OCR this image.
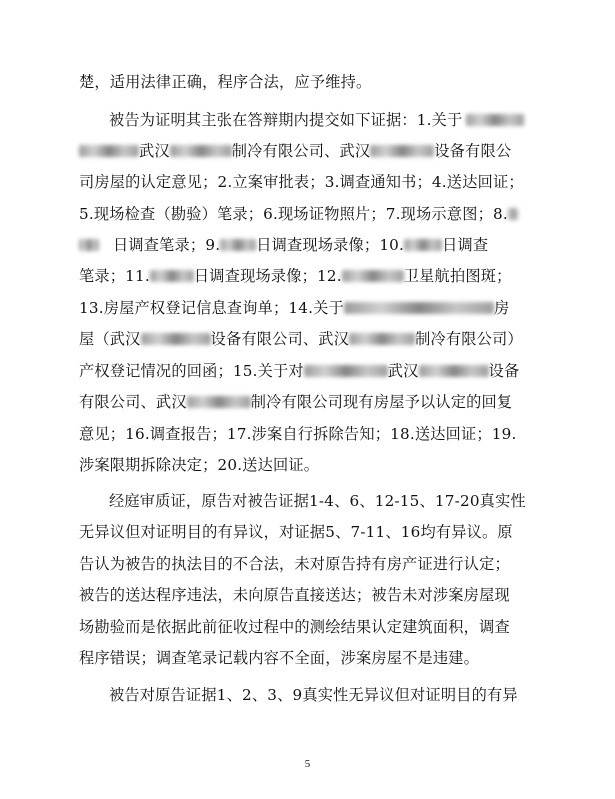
楚，适用法律正确，程序合法，应予维持。
被告为证明其主张在答辩期内提交如下证据：1.关于
武汉	制冷有限公司、武汉	设备有限公
司房屋的认定意见；2.立案审批表；3.调查通知书；4.送达回证；
5.现场检查（勘验）笔录；6.现场证物照片；7.现场示意图；8.
日调查笔录；9. 日调查现场录像；10.	日调查
笔录；11.	日调查现场录像；12.	卫星航拍图斑；
13.房屋产权登记信息查询单；14.关于	房
屋（武汉	设备有限公司、武汉	制冷有限公司）
产权登记情况的回函；15.关于对	武汉	设备
有限公司、武汉	制冷有限公司现有房屋予以认定的回复
意见；16.调查报告；17.涉案自行拆除告知；18.送达回证；19.
涉案限期拆除决定；20.送达回证。
经庭审质证，原告对被告证据1-4、6、12-15、17-20真实性
无异议但对证明目的有异议，对证据5、7-11、16均有异议。原
告认为被告的执法目的不合法，未对原告持有房产证进行认定；
被告的送达程序违法，未向原告直接送达；被告未对涉案房屋现
场勘验而是依据此前征收过程中的测绘结果认定建筑面积，调查
程序错误；调查笔录记载内容不全面，涉案房屋不是违建。
被告对原告证据1、2、3、9真实性无异议但对证明目的有异
5
